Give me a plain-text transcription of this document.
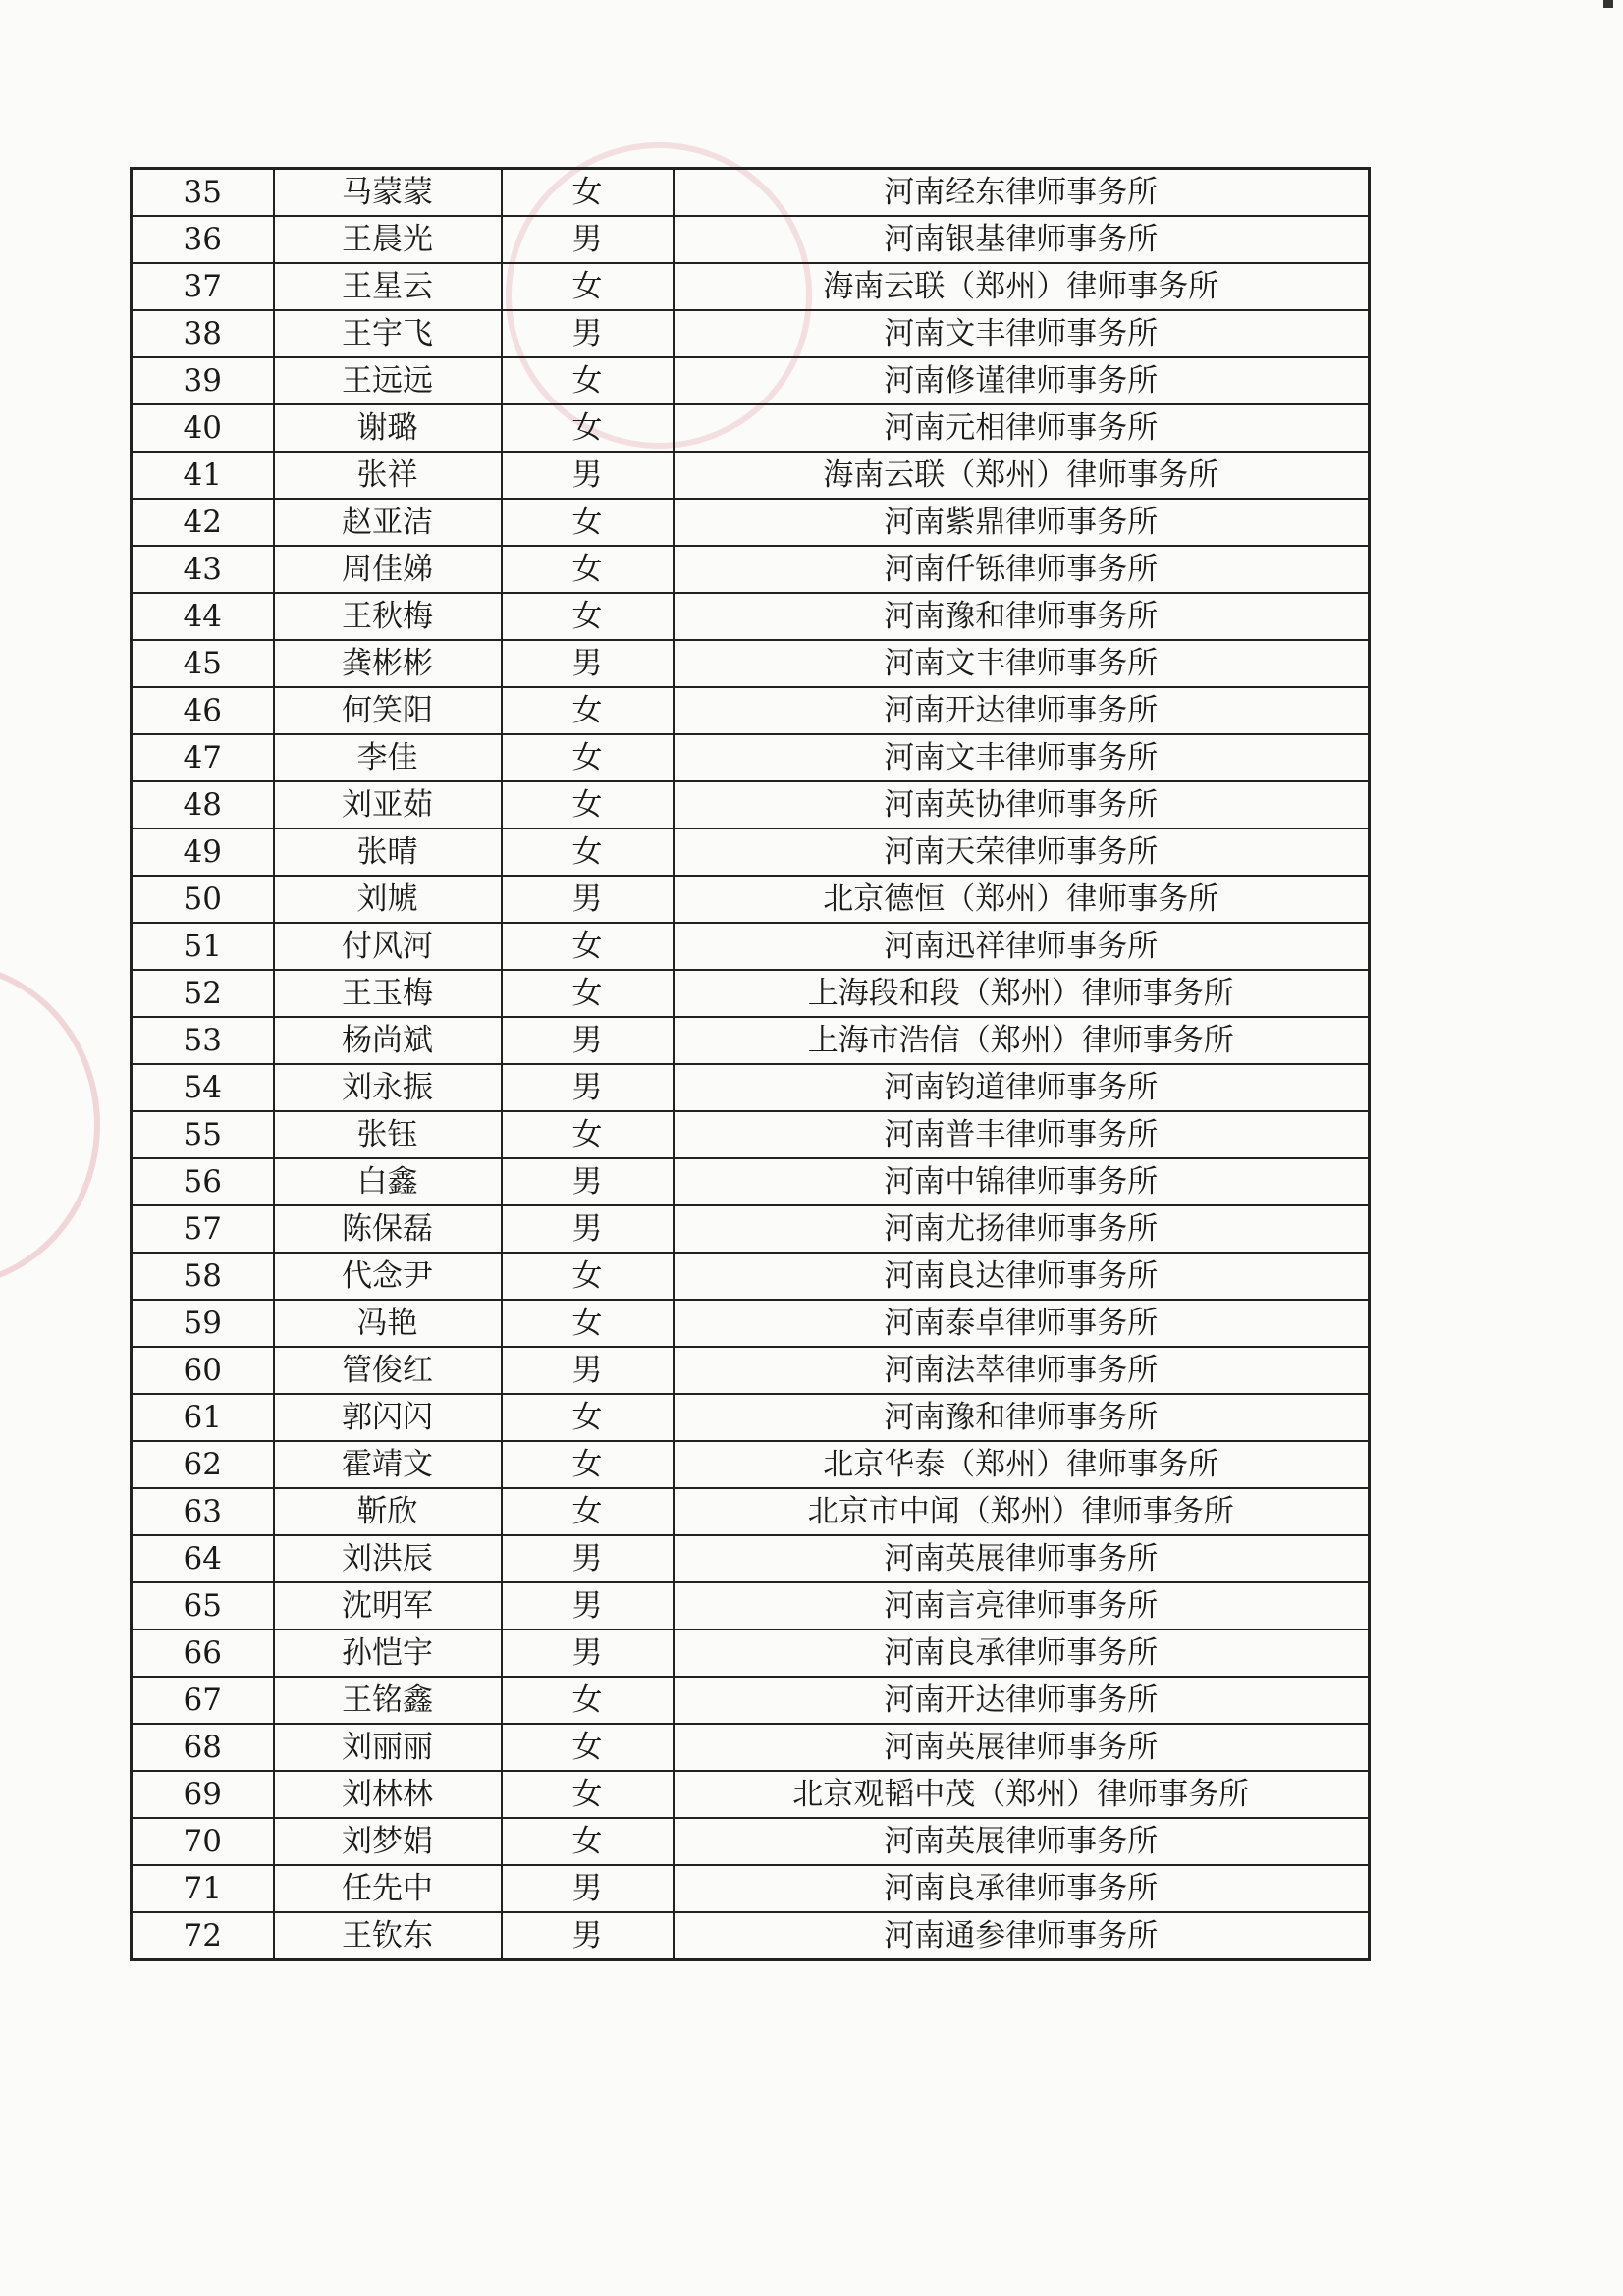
35	马蒙蒙	女	河南经东律师事务所
36	王晨光	男	河南银基律师事务所
37	王星云	女	海南云联（郑州）律师事务所
38	王宇飞	男	河南文丰律师事务所
39	王远远	女	河南修谨律师事务所
40	谢璐	女	河南元相律师事务所
41	张祥	男	海南云联（郑州）律师事务所
42	赵亚洁	女	河南紫鼎律师事务所
43	周佳娣	女	河南仟铄律师事务所
44	王秋梅	女	河南豫和律师事务所
45	龚彬彬	男	河南文丰律师事务所
46	何笑阳	女	河南开达律师事务所
47	李佳	女	河南文丰律师事务所
48	刘亚茹	女	河南英协律师事务所
49	张晴	女	河南天荣律师事务所
50	刘虓	男	北京德恒（郑州）律师事务所
51	付风河	女	河南迅祥律师事务所
52	王玉梅	女	上海段和段（郑州）律师事务所
53	杨尚斌	男	上海市浩信（郑州）律师事务所
54	刘永振	男	河南钧道律师事务所
55	张钰	女	河南普丰律师事务所
56	白鑫	男	河南中锦律师事务所
57	陈保磊	男	河南尤扬律师事务所
58	代念尹	女	河南良达律师事务所
59	冯艳	女	河南泰卓律师事务所
60	管俊红	男	河南法萃律师事务所
61	郭闪闪	女	河南豫和律师事务所
62	霍靖文	女	北京华泰（郑州）律师事务所
63	靳欣	女	北京市中闻（郑州）律师事务所
64	刘洪辰	男	河南英展律师事务所
65	沈明军	男	河南言亮律师事务所
66	孙恺宇	男	河南良承律师事务所
67	王铭鑫	女	河南开达律师事务所
68	刘丽丽	女	河南英展律师事务所
69	刘林林	女	北京观韬中茂（郑州）律师事务所
70	刘梦娟	女	河南英展律师事务所
71	任先中	男	河南良承律师事务所
72	王钦东	男	河南通参律师事务所
